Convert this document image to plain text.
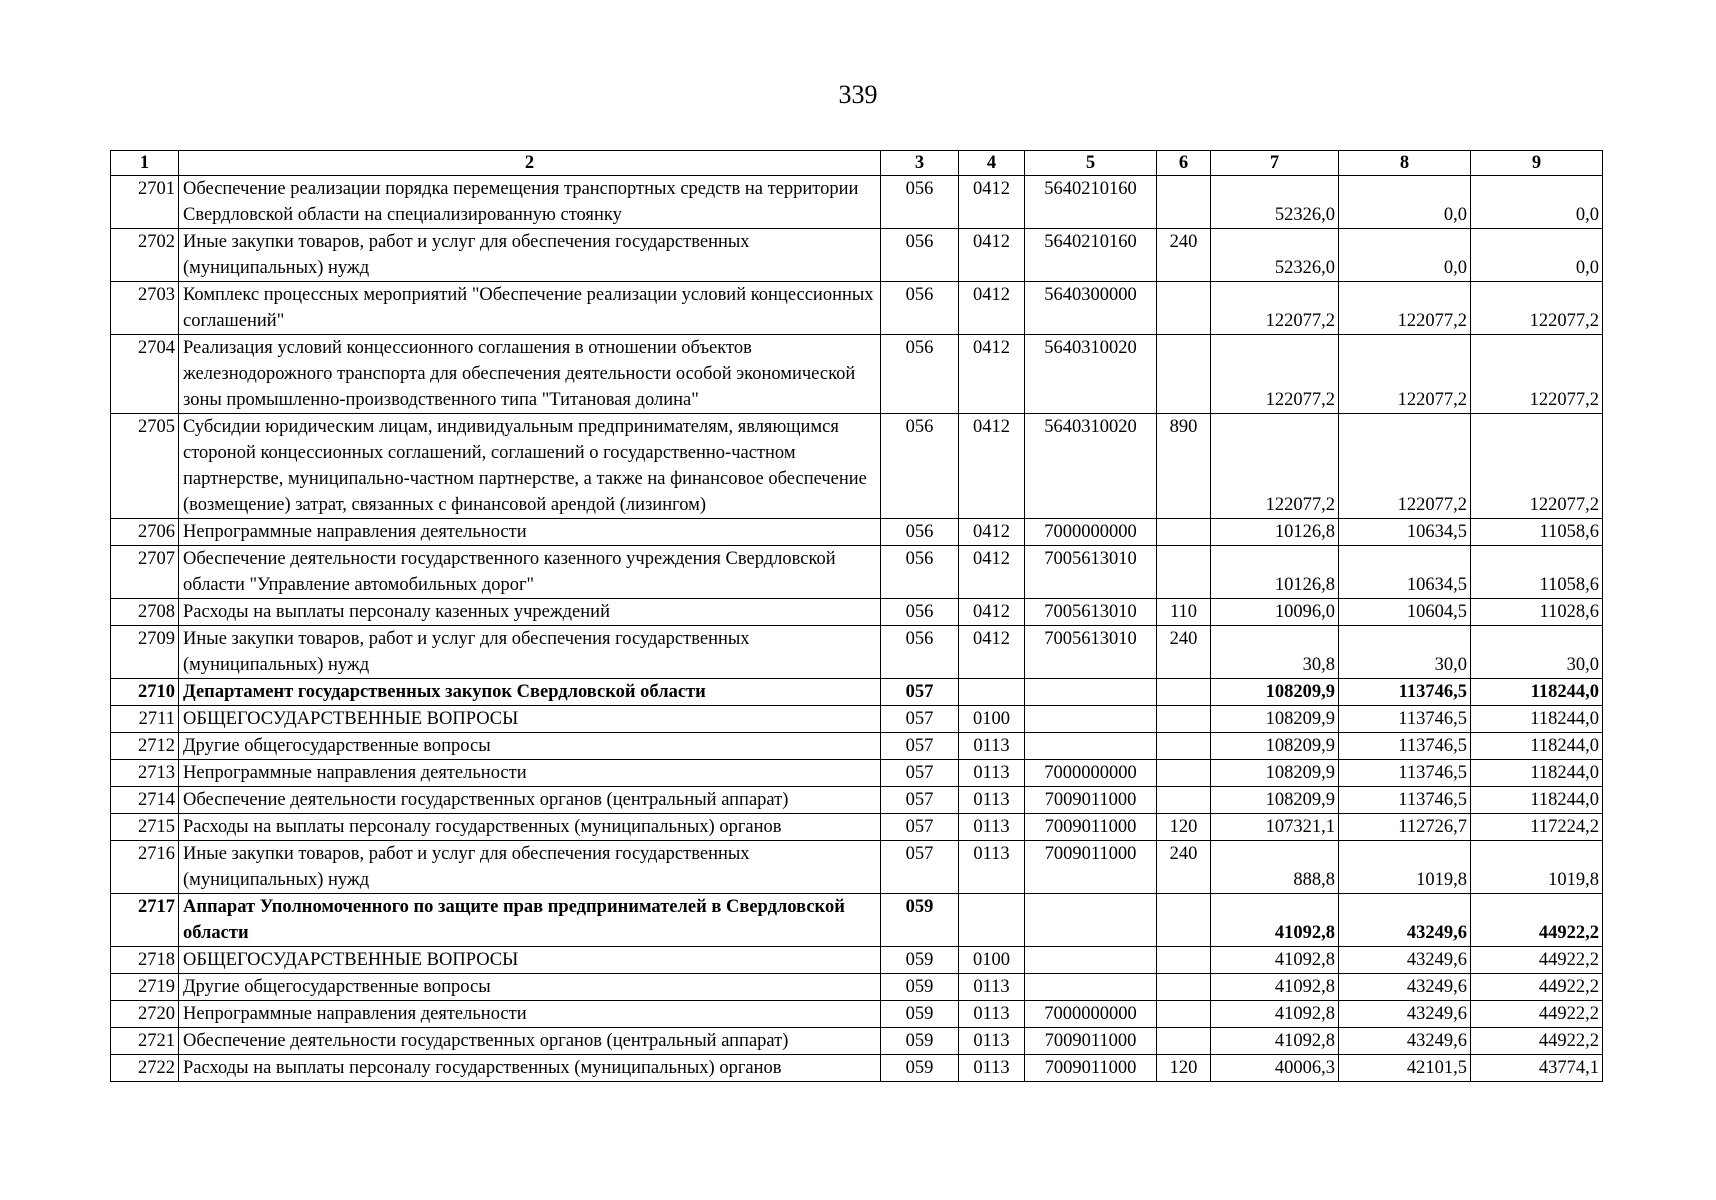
339
1	2	3	4	5	6	7	8	9
2701	Обеспечение реализации порядка перемещения транспортных средств на территории Свердловской области на специализированную стоянку	056	0412	5640210160		52326,0	0,0	0,0
2702	Иные закупки товаров, работ и услуг для обеспечения государственных (муниципальных) нужд	056	0412	5640210160	240	52326,0	0,0	0,0
2703	Комплекс процессных мероприятий "Обеспечение реализации условий концессионных соглашений"	056	0412	5640300000		122077,2	122077,2	122077,2
2704	Реализация условий концессионного соглашения в отношении объектов железнодорожного транспорта для обеспечения деятельности особой экономической зоны промышленно-производственного типа "Титановая долина"	056	0412	5640310020		122077,2	122077,2	122077,2
2705	Субсидии юридическим лицам, индивидуальным предпринимателям, являющимся стороной концессионных соглашений, соглашений о государственно-частном партнерстве, муниципально-частном партнерстве, а также на финансовое обеспечение (возмещение) затрат, связанных с финансовой арендой (лизингом)	056	0412	5640310020	890	122077,2	122077,2	122077,2
2706	Непрограммные направления деятельности	056	0412	7000000000		10126,8	10634,5	11058,6
2707	Обеспечение деятельности государственного казенного учреждения Свердловской области "Управление автомобильных дорог"	056	0412	7005613010		10126,8	10634,5	11058,6
2708	Расходы на выплаты персоналу казенных учреждений	056	0412	7005613010	110	10096,0	10604,5	11028,6
2709	Иные закупки товаров, работ и услуг для обеспечения государственных (муниципальных) нужд	056	0412	7005613010	240	30,8	30,0	30,0
2710	Департамент государственных закупок Свердловской области	057				108209,9	113746,5	118244,0
2711	ОБЩЕГОСУДАРСТВЕННЫЕ ВОПРОСЫ	057	0100			108209,9	113746,5	118244,0
2712	Другие общегосударственные вопросы	057	0113			108209,9	113746,5	118244,0
2713	Непрограммные направления деятельности	057	0113	7000000000		108209,9	113746,5	118244,0
2714	Обеспечение деятельности государственных органов (центральный аппарат)	057	0113	7009011000		108209,9	113746,5	118244,0
2715	Расходы на выплаты персоналу государственных (муниципальных) органов	057	0113	7009011000	120	107321,1	112726,7	117224,2
2716	Иные закупки товаров, работ и услуг для обеспечения государственных (муниципальных) нужд	057	0113	7009011000	240	888,8	1019,8	1019,8
2717	Аппарат Уполномоченного по защите прав предпринимателей в Свердловской области	059				41092,8	43249,6	44922,2
2718	ОБЩЕГОСУДАРСТВЕННЫЕ ВОПРОСЫ	059	0100			41092,8	43249,6	44922,2
2719	Другие общегосударственные вопросы	059	0113			41092,8	43249,6	44922,2
2720	Непрограммные направления деятельности	059	0113	7000000000		41092,8	43249,6	44922,2
2721	Обеспечение деятельности государственных органов (центральный аппарат)	059	0113	7009011000		41092,8	43249,6	44922,2
2722	Расходы на выплаты персоналу государственных (муниципальных) органов	059	0113	7009011000	120	40006,3	42101,5	43774,1
